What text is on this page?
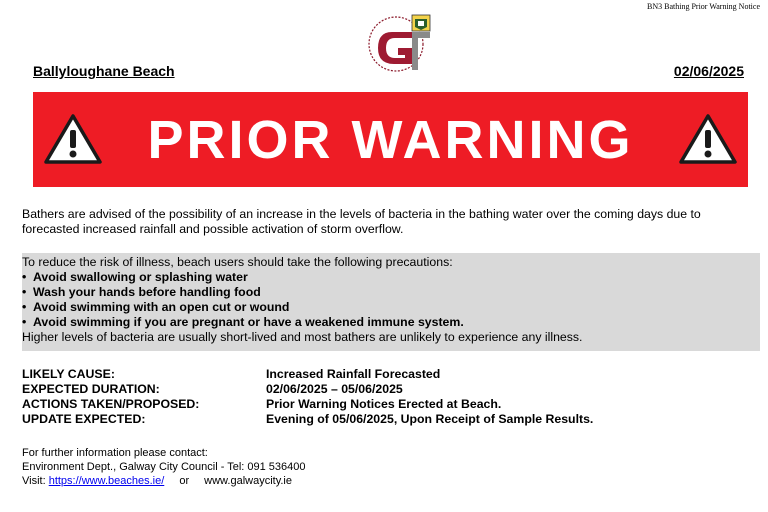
BN3 Bathing Prior Warning Notice
G
Ballyloughane Beach	02/06/2025
PRIOR WARNING
Bathers are advised of the possibility of an increase in the levels of bacteria in the bathing water over the coming days due to forecasted increased rainfall and possible activation of storm overflow.
To reduce the risk of illness, beach users should take the following precautions:
• Avoid swallowing or splashing water
• Wash your hands before handling food
• Avoid swimming with an open cut or wound
• Avoid swimming if you are pregnant or have a weakened immune system.
Higher levels of bacteria are usually short-lived and most bathers are unlikely to experience any illness.
LIKELY CAUSE:	Increased Rainfall Forecasted
EXPECTED DURATION:	02/06/2025 – 05/06/2025
ACTIONS TAKEN/PROPOSED:	Prior Warning Notices Erected at Beach.
UPDATE EXPECTED:	Evening of 05/06/2025, Upon Receipt of Sample Results.
For further information please contact:
Environment Dept., Galway City Council - Tel: 091 536400
Visit: https://www.beaches.ie/ or www.galwaycity.ie
